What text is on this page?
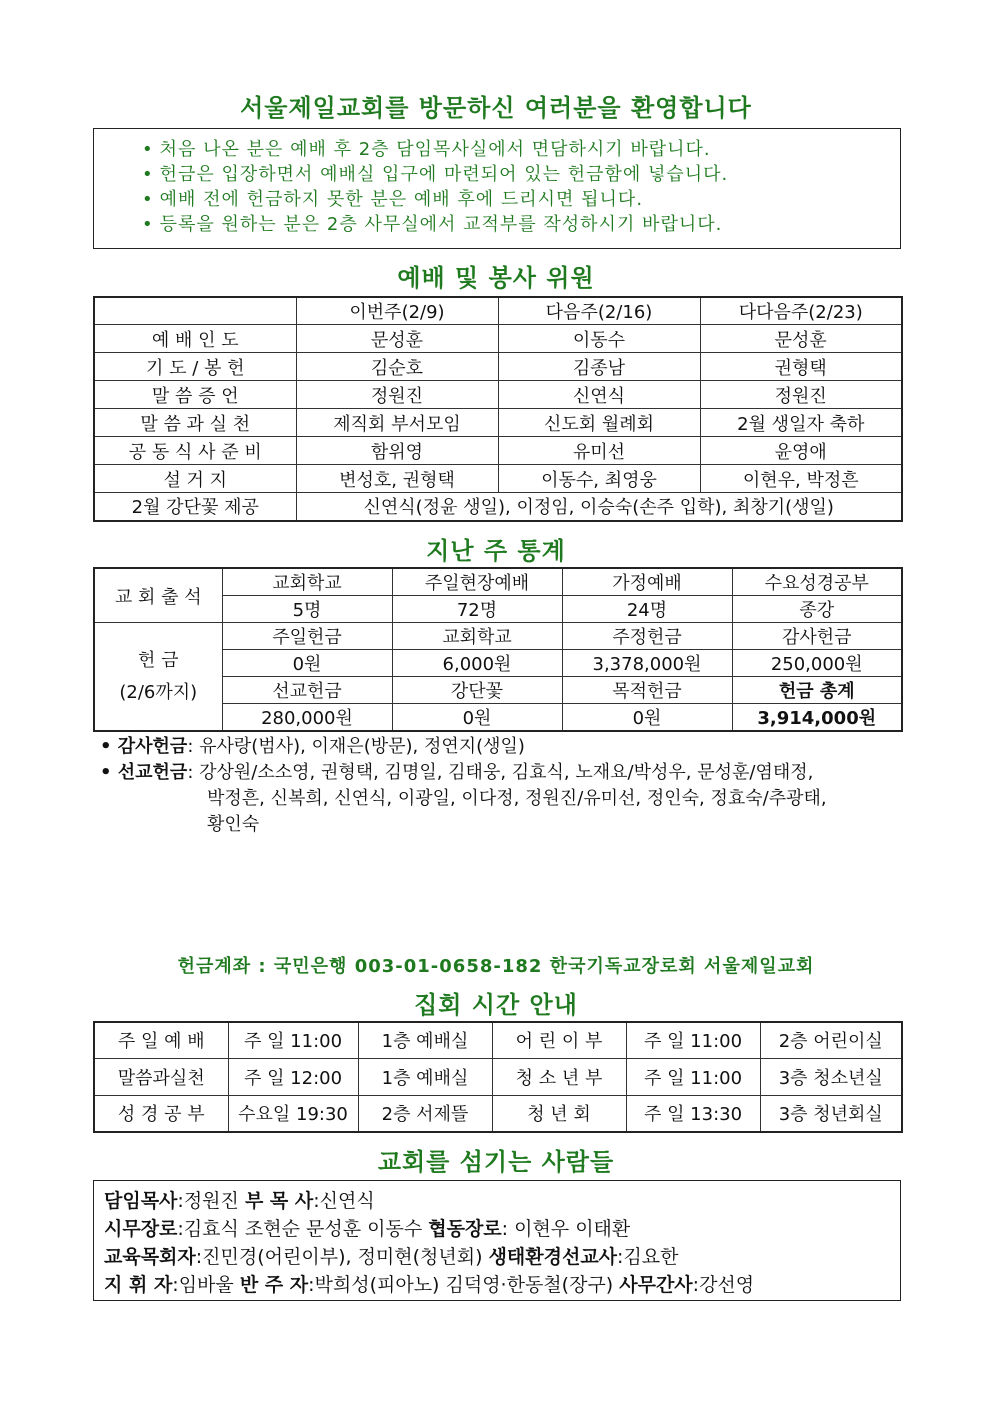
서울제일교회를 방문하신 여러분을 환영합니다
• 처음 나온 분은 예배 후 2층 담임목사실에서 면담하시기 바랍니다.
• 헌금은 입장하면서 예배실 입구에 마련되어 있는 헌금함에 넣습니다.
• 예배 전에 헌금하지 못한 분은 예배 후에 드리시면 됩니다.
• 등록을 원하는 분은 2층 사무실에서 교적부를 작성하시기 바랍니다.
예배 및 봉사 위원
	이번주(2/9)	다음주(2/16)	다다음주(2/23)
예 배 인 도	문성훈	이동수	문성훈
기 도 / 봉 헌	김순호	김종남	권형택
말 씀 증 언	정원진	신연식	정원진
말 씀 과 실 천	제직회 부서모임	신도회 월례회	2월 생일자 축하
공 동 식 사 준 비	함위영	유미선	윤영애
설 거 지	변성호, 권형택	이동수, 최영웅	이현우, 박정흔
2월 강단꽃 제공	신연식(정윤 생일), 이정임, 이승숙(손주 입학), 최창기(생일)		
지난 주 통계
교 회 출 석	교회학교	주일현장예배	가정예배	수요성경공부
	5명	72명	24명	종강

헌 금
(2/6까지)	주일헌금	교회학교	주정헌금	감사헌금
	0원	6,000원	3,378,000원	250,000원
	선교헌금	강단꽃	목적헌금	헌금 총계
	280,000원	0원	0원	3,914,000원
• 감사헌금: 유사랑(범사), 이재은(방문), 정연지(생일)
• 선교헌금: 강상원/소소영, 권형택, 김명일, 김태웅, 김효식, 노재요/박성우, 문성훈/염태정,
박정흔, 신복희, 신연식, 이광일, 이다정, 정원진/유미선, 정인숙, 정효숙/추광태,
황인숙
헌금계좌 : 국민은행 003-01-0658-182 한국기독교장로회 서울제일교회
집회 시간 안내
주 일 예 배	주 일 11:00	1층 예배실	어 린 이 부	주 일 11:00	2층 어린이실
말씀과실천	주 일 12:00	1층 예배실	청 소 년 부	주 일 11:00	3층 청소년실
성 경 공 부	수요일 19:30	2층 서제뜰	청 년 회	주 일 13:30	3층 청년회실
교회를 섬기는 사람들
담임목사:정원진 부 목 사:신연식
시무장로:김효식 조현순 문성훈 이동수 협동장로: 이현우 이태환
교육목회자:진민경(어린이부), 정미현(청년회) 생태환경선교사:김요한
지 휘 자:임바울 반 주 자:박희성(피아노) 김덕영·한동철(장구) 사무간사:강선영
